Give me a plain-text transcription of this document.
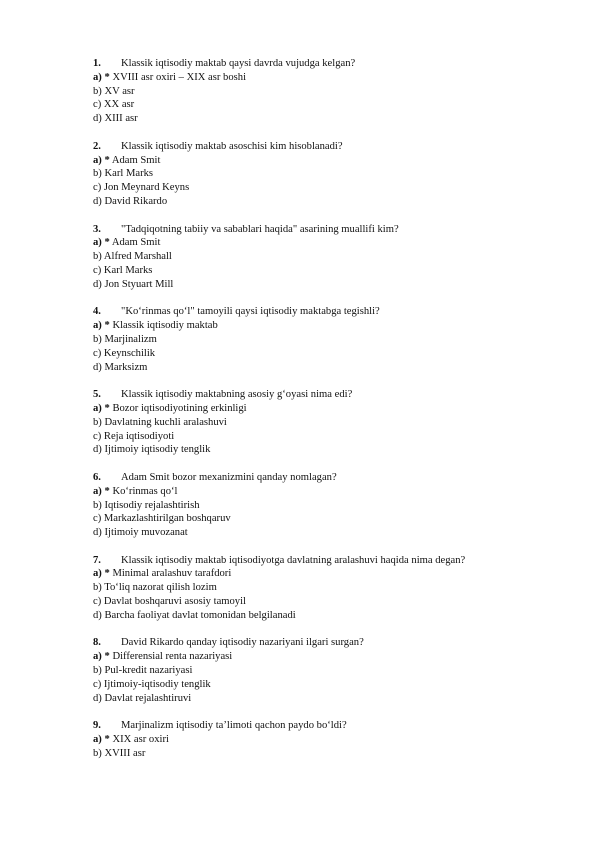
1. Klassik iqtisodiy maktab qaysi davrda vujudga kelgan?
a) * XVIII asr oxiri – XIX asr boshi
b) XV asr
c) XX asr
d) XIII asr
2. Klassik iqtisodiy maktab asoschisi kim hisoblanadi?
a) * Adam Smit
b) Karl Marks
c) Jon Meynard Keyns
d) David Rikardo
3. "Tadqiqotning tabiiy va sabablari haqida" asarining muallifi kim?
a) * Adam Smit
b) Alfred Marshall
c) Karl Marks
d) Jon Styuart Mill
4. "Ko‘rinmas qo‘l" tamoyili qaysi iqtisodiy maktabga tegishli?
a) * Klassik iqtisodiy maktab
b) Marjinalizm
c) Keynschilik
d) Marksizm
5. Klassik iqtisodiy maktabning asosiy g‘oyasi nima edi?
a) * Bozor iqtisodiyotining erkinligi
b) Davlatning kuchli aralashuvi
c) Reja iqtisodiyoti
d) Ijtimoiy iqtisodiy tenglik
6. Adam Smit bozor mexanizmini qanday nomlagan?
a) * Ko‘rinmas qo‘l
b) Iqtisodiy rejalashtirish
c) Markazlashtirilgan boshqaruv
d) Ijtimoiy muvozanat
7. Klassik iqtisodiy maktab iqtisodiyotga davlatning aralashuvi haqida nima degan?
a) * Minimal aralashuv tarafdori
b) To‘liq nazorat qilish lozim
c) Davlat boshqaruvi asosiy tamoyil
d) Barcha faoliyat davlat tomonidan belgilanadi
8. David Rikardo qanday iqtisodiy nazariyani ilgari surgan?
a) * Differensial renta nazariyasi
b) Pul-kredit nazariyasi
c) Ijtimoiy-iqtisodiy tenglik
d) Davlat rejalashtiruvi
9. Marjinalizm iqtisodiy ta’limoti qachon paydo bo‘ldi?
a) * XIX asr oxiri
b) XVIII asr
